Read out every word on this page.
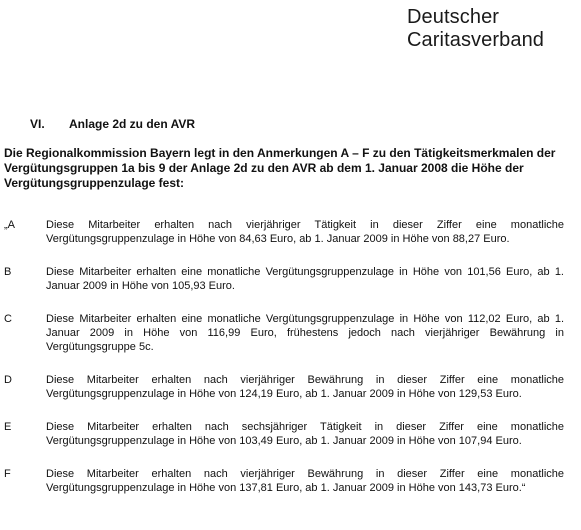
Deutscher
Caritasverband
VI. Anlage 2d zu den AVR
Die Regionalkommission Bayern legt in den Anmerkungen A – F zu den Tätigkeitsmerkmalen der Vergütungsgruppen 1a bis 9 der Anlage 2d zu den AVR ab dem 1. Januar 2008 die Höhe der Vergütungsgruppenzulage fest:
„A	Diese Mitarbeiter erhalten nach vierjähriger Tätigkeit in dieser Ziffer eine monatliche Vergütungsgruppenzulage in Höhe von 84,63 Euro, ab 1. Januar 2009 in Höhe von 88,27 Euro.
B	Diese Mitarbeiter erhalten eine monatliche Vergütungsgruppenzulage in Höhe von 101,56 Euro, ab 1. Januar 2009 in Höhe von 105,93 Euro.
C	Diese Mitarbeiter erhalten eine monatliche Vergütungsgruppenzulage in Höhe von 112,02 Euro, ab 1. Januar 2009 in Höhe von 116,99 Euro, frühestens jedoch nach vierjähriger Bewährung in Vergütungsgruppe 5c.
D	Diese Mitarbeiter erhalten nach vierjähriger Bewährung in dieser Ziffer eine monatliche Vergütungsgruppenzulage in Höhe von 124,19 Euro, ab 1. Januar 2009 in Höhe von 129,53 Euro.
E	Diese Mitarbeiter erhalten nach sechsjähriger Tätigkeit in dieser Ziffer eine monatliche Vergütungsgruppenzulage in Höhe von 103,49 Euro, ab 1. Januar 2009 in Höhe von 107,94 Euro.
F	Diese Mitarbeiter erhalten nach vierjähriger Bewährung in dieser Ziffer eine monatliche Vergütungsgruppenzulage in Höhe von 137,81 Euro, ab 1. Januar 2009 in Höhe von 143,73 Euro.“
